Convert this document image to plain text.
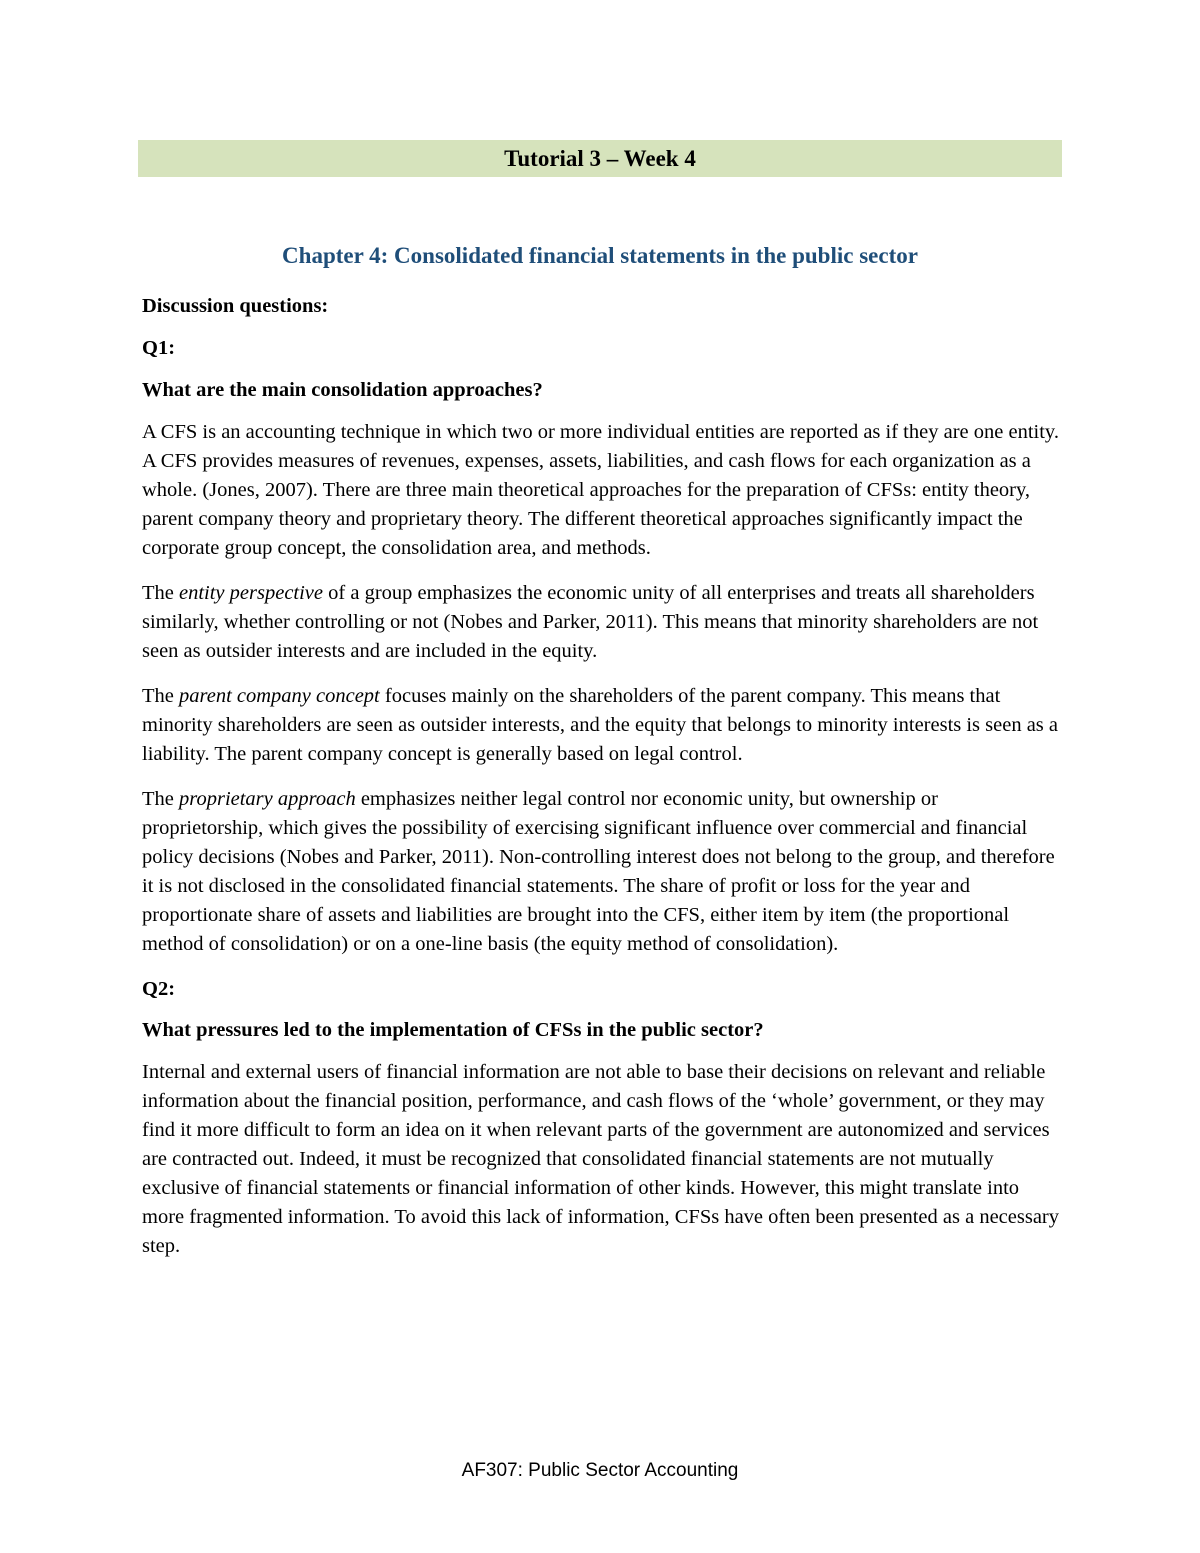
Tutorial 3 – Week 4
Chapter 4: Consolidated financial statements in the public sector

Discussion questions:

Q1:

What are the main consolidation approaches?

A CFS is an accounting technique in which two or more individual entities are reported as if they are one entity. A CFS provides measures of revenues, expenses, assets, liabilities, and cash flows for each organization as a whole. (Jones, 2007). There are three main theoretical approaches for the preparation of CFSs: entity theory, parent company theory and proprietary theory. The different theoretical approaches significantly impact the corporate group concept, the consolidation area, and methods.

The entity perspective of a group emphasizes the economic unity of all enterprises and treats all shareholders similarly, whether controlling or not (Nobes and Parker, 2011). This means that minority shareholders are not seen as outsider interests and are included in the equity.

The parent company concept focuses mainly on the shareholders of the parent company. This means that minority shareholders are seen as outsider interests, and the equity that belongs to minority interests is seen as a liability. The parent company concept is generally based on legal control.

The proprietary approach emphasizes neither legal control nor economic unity, but ownership or proprietorship, which gives the possibility of exercising significant influence over commercial and financial policy decisions (Nobes and Parker, 2011). Non-controlling interest does not belong to the group, and therefore it is not disclosed in the consolidated financial statements. The share of profit or loss for the year and proportionate share of assets and liabilities are brought into the CFS, either item by item (the proportional method of consolidation) or on a one-line basis (the equity method of consolidation).

Q2:

What pressures led to the implementation of CFSs in the public sector?

Internal and external users of financial information are not able to base their decisions on relevant and reliable information about the financial position, performance, and cash flows of the ‘whole’ government, or they may find it more difficult to form an idea on it when relevant parts of the government are autonomized and services are contracted out. Indeed, it must be recognized that consolidated financial statements are not mutually exclusive of financial statements or financial information of other kinds. However, this might translate into more fragmented information. To avoid this lack of information, CFSs have often been presented as a necessary step.

AF307: Public Sector Accounting
